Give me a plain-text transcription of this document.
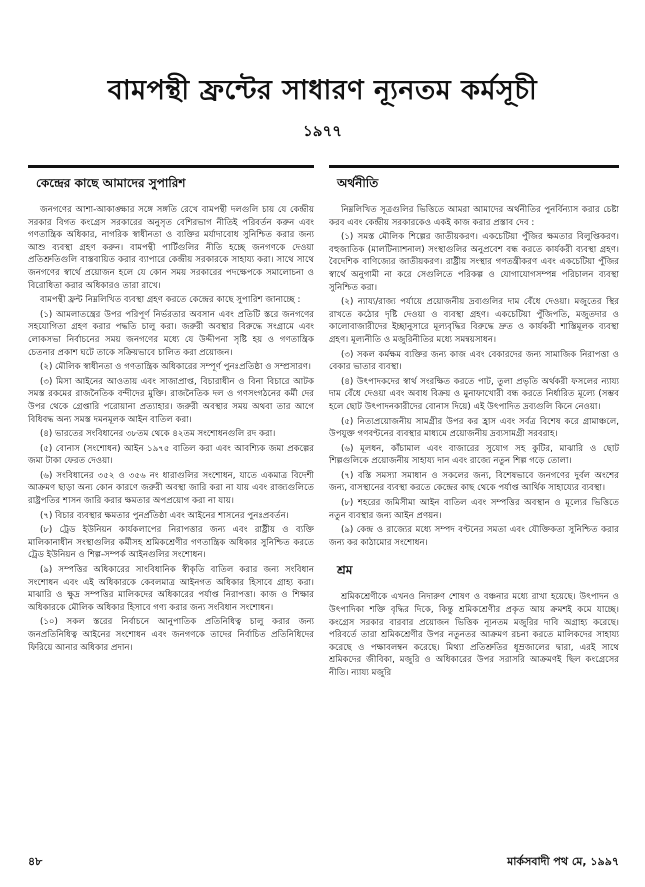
বামপন্থী ফ্রন্টের সাধারণ ন্যূনতম কর্মসূচী
১৯৭৭
কেন্দ্রের কাছে আমাদের সুপারিশ

জনগণের আশা-আকাঙ্ক্ষার সঙ্গে সঙ্গতি রেখে বামপন্থী দলগুলি চায় যে কেন্দ্রীয় সরকার বিগত কংগ্রেস সরকারের অনুসৃত বেশিরভাগ নীতিই পরিবর্তন করুন এবং গণতান্ত্রিক অধিকার, নাগরিক স্বাধীনতা ও ব্যক্তির মর্যাদাবোধ সুনিশ্চিত করার জন্য আশু ব্যবস্থা গ্রহণ করুন। বামপন্থী পার্টিগুলির নীতি হচ্ছে জনগণকে দেওয়া প্রতিশ্রুতিগুলি বাস্তবায়িত করার ব্যাপারে কেন্দ্রীয় সরকারকে সাহায্য করা। সাথে সাথে জনগণের স্বার্থে প্রয়োজন হলে যে কোন সময় সরকারের পদক্ষেপকে সমালোচনা ও বিরোধিতা করার অধিকারও তারা রাখে।

বামপন্থী ফ্রন্ট নিম্নলিখিত ব্যবস্থা গ্রহণ করতে কেন্দ্রের কাছে সুপারিশ জানাচ্ছে :

(১) আমলাতন্ত্রের উপর পরিপূর্ণ নির্ভরতার অবসান এবং প্রতিটি স্তরে জনগণের সহযোগিতা গ্রহণ করার পদ্ধতি চালু করা। জরুরী অবস্থার বিরুদ্ধে সংগ্রামে এবং লোকসভা নির্বাচনের সময় জনগণের মধ্যে যে উদ্দীপনা সৃষ্টি হয় ও গণতান্ত্রিক চেতনার প্রকাশ ঘটে তাকে সক্রিয়ভাবে চালিত করা প্রয়োজন।

(২) মৌলিক স্বাধীনতা ও গণতান্ত্রিক অধিকারের সম্পূর্ণ পুনঃপ্রতিষ্ঠা ও সম্প্রসারণ।

(৩) মিসা আইনের আওতায় এবং সাজাপ্রাপ্ত, বিচারাধীন ও বিনা বিচারে আটক সমস্ত রকমের রাজনৈতিক বন্দীদের মুক্তি। রাজনৈতিক দল ও গণসংগঠনের কর্মী দের উপর থেকে গ্রেপ্তারি পরোয়ানা প্রত্যাহার। জরুরী অবস্থার সময় অথবা তার আগে বিধিবদ্ধ অন্য সমস্ত দমনমূলক আইন বাতিল করা।

(৪) ভারতের সংবিধানের ৩৮তম থেকে ৪২তম সংশোধনগুলি রদ করা।

(৫) বোনাস (সংশোধন) আইন ১৯৭৫ বাতিল করা এবং আবশ্যিক জমা প্রকল্পের জমা টাকা ফেরত দেওয়া।

(৬) সংবিধানের ৩৫২ ও ৩৫৬ নং ধারাগুলির সংশোধন, যাতে একমাত্র বিদেশী আক্রমণ ছাড়া অন্য কোন কারণে জরুরী অবস্থা জারি করা না যায় এবং রাজ্যগুলিতে রাষ্ট্রপতির শাসন জারি করার ক্ষমতার অপপ্রয়োগ করা না যায়।

(৭) বিচার ব্যবস্থার ক্ষমতার পুনর্প্রতিষ্ঠা এবং আইনের শাসনের পুনঃপ্রবর্তন।

(৮) ট্রেড ইউনিয়ন কার্যকলাপের নিরাপত্তার জন্য এবং রাষ্ট্রীয় ও ব্যক্তি মালিকানাধীন সংস্থাগুলির কর্মীসহ শ্রমিকশ্রেণীর গণতান্ত্রিক অধিকার সুনিশ্চিত করতে ট্রেড ইউনিয়ন ও শিল্প-সম্পর্ক আইনগুলির সংশোধন।

(৯) সম্পত্তির অধিকারের সাংবিধানিক স্বীকৃতি বাতিল করার জন্য সংবিধান সংশোধন এবং এই অধিকারকে কেবলমাত্র আইনগত অধিকার হিসাবে গ্রাহ্য করা। মাঝারি ও ক্ষুদ্র সম্পত্তির মালিকদের অধিকারের পর্যাপ্ত নিরাপত্তা। কাজ ও শিক্ষার অধিকারকে মৌলিক অধিকার হিসাবে গণ্য করার জন্য সংবিধান সংশোধন।

(১০) সকল স্তরের নির্বাচনে আনুপাতিক প্রতিনিধিত্ব চালু করার জন্য জনপ্রতিনিধিত্ব আইনের সংশোধন এবং জনগণকে তাদের নির্বাচিত প্রতিনিধিদের ফিরিয়ে আনার অধিকার প্রদান।

অর্থনীতি

নিম্নলিখিত সূত্রগুলির ভিত্তিতে আমরা আমাদের অর্থনীতির পুনর্বিন্যাস করার চেষ্টা করব এবং কেন্দ্রীয় সরকারকেও একই কাজ করার প্রস্তাব দেব :

(১) সমস্ত মৌলিক শিল্পের জাতীয়করণ। একচেটিয়া পুঁজির ক্ষমতার বিলুপ্তিকরণ। বহুজাতিক (মালটিন্যাশনাল) সংস্থাগুলির অনুপ্রবেশ বন্ধ করতে কার্যকরী ব্যবস্থা গ্রহণ। বৈদেশিক বাণিজ্যের জাতীয়করণ। রাষ্ট্রীয় সংস্থার গণতন্ত্রীকরণ এবং একচেটিয়া পুঁজির স্বার্থে অনুগামী না করে সেগুলিতে পরিকল্প ও যোগাযোগসম্পন্ন পরিচালন ব্যবস্থা সুনিশ্চিত করা।

(২) ন্যায্য/রাজ্য পর্যায়ে প্রয়োজনীয় দ্রব্যগুলির দাম বেঁধে দেওয়া। মজুতের স্থির রাখতে কঠোর দৃষ্টি দেওয়া ও ব্যবস্থা গ্রহণ। একচেটিয়া পুঁজিপতি, মজুতদার ও কালোবাজারীদের ইচ্ছানুসারে মূল্যবৃদ্ধির বিরুদ্ধে দ্রুত ও কার্যকরী শাস্তিমূলক ব্যবস্থা গ্রহণ। মূল্যনীতি ও মজুরিনীতির মধ্যে সমন্বয়সাধন।

(৩) সকল কর্মক্ষম ব্যক্তির জন্য কাজ এবং বেকারদের জন্য সামাজিক নিরাপত্তা ও বেকার ভাতার ব্যবস্থা।

(৪) উৎপাদকদের স্বার্থ সংরক্ষিত করতে পাট, তুলা প্রভৃতি অর্থকরী ফসলের ন্যায্য দাম বেঁধে দেওয়া এবং অবাধ বিক্রয় ও মুনাফাখোরী বন্ধ করতে নির্ধারিত মূল্যে (সম্ভব হলে ছোট উৎপাদনকারীদের বোনাস দিয়ে) এই উৎপাদিত দ্রব্যগুলি কিনে নেওয়া।

(৫) নিত্যপ্রয়োজনীয় সামগ্রীর উপর কর হ্রাস এবং সর্বত্র বিশেষ করে গ্রামাঞ্চলে, উপযুক্ত গণবণ্টনের ব্যবস্থার মাধ্যমে প্রয়োজনীয় দ্রব্যসামগ্রী সরবরাহ।

(৬) মূলধন, কাঁচামাল এবং বাজারের সুযোগ সহ কুটির, মাঝারি ও ছোট শিল্পগুলিকে প্রয়োজনীয় সাহায্য দান এবং রাজ্যে নতুন শিল্প গড়ে তোলা।

(৭) বস্তি সমস্যা সমাধান ও সকলের জন্য, বিশেষভাবে জনগণের দুর্বল অংশের জন্য, বাসস্থানের ব্যবস্থা করতে কেন্দ্রের কাছ থেকে পর্যাপ্ত আর্থিক সাহায্যের ব্যবস্থা।

(৮) শহরের জমিসীমা আইন বাতিল এবং সম্পত্তির অবস্থান ও মূল্যের ভিত্তিতে নতুন ব্যবস্থার জন্য আইন প্রণয়ন।

(৯) কেন্দ্র ও রাজ্যের মধ্যে সম্পদ বণ্টনের সমতা এবং যৌক্তিকতা সুনিশ্চিত করার জন্য কর কাঠামোর সংশোধন।

শ্রম

শ্রমিকশ্রেণীকে এখনও নিদারুণ শোষণ ও বঞ্চনার মধ্যে রাখা হয়েছে। উৎপাদন ও উৎপাদিকা শক্তি বৃদ্ধির দিকে, কিন্তু শ্রমিকশ্রেণীর প্রকৃত আয় ক্রমশই কমে যাচ্ছে। কংগ্রেস সরকার বারবার প্রয়োজন ভিত্তিক ন্যূনতম মজুরির দাবি অগ্রাহ্য করেছে। পরিবর্তে তারা শ্রমিকশ্রেণীর উপর নতুনতর আক্রমণ রচনা করতে মালিকদের সাহায্য করেছে ও পক্ষাবলম্বন করেছে। মিথ্যা প্রতিশ্রুতির ধূম্রজালের দ্বারা, এরই সাথে শ্রমিকদের জীবিকা, মজুরি ও অধিকারের উপর সরাসরি আক্রমণই ছিল কংগ্রেসের নীতি। ন্যায্য মজুরি

৪৮	মার্কসবাদী পথ মে, ১৯৯৭
